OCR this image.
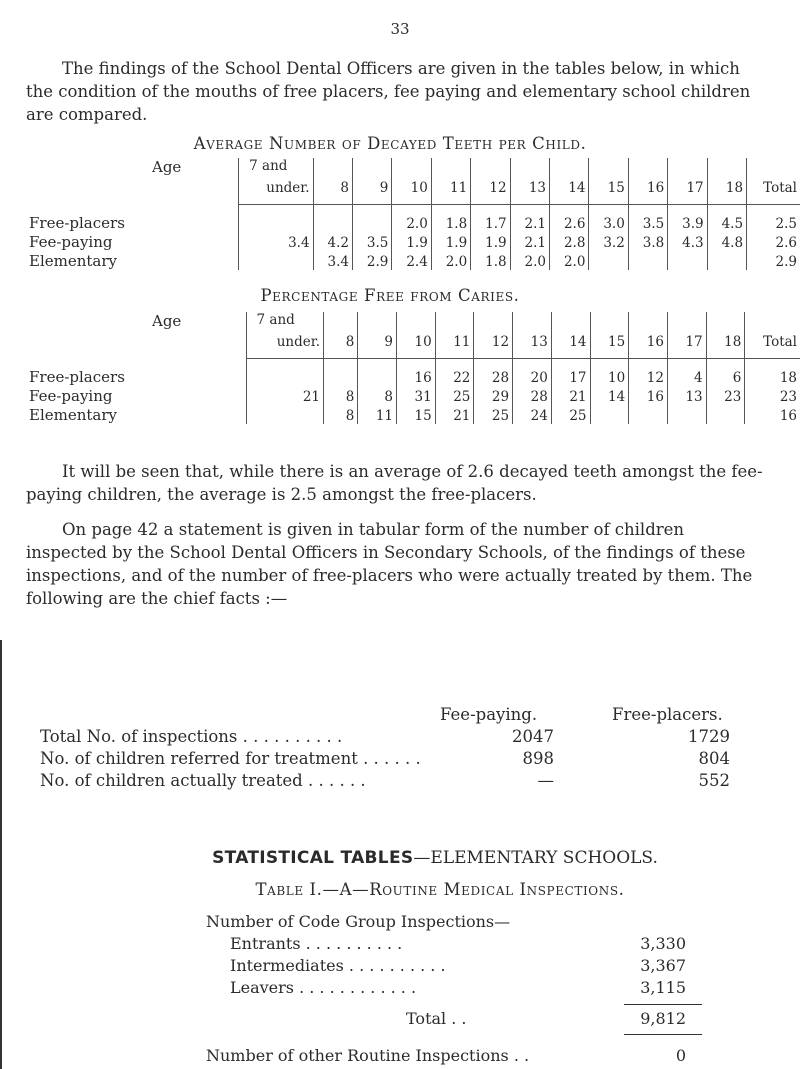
33
The findings of the School Dental Officers are given in the tables below, in which the condition of the mouths of free placers, fee paying and elementary school children are compared.
Average Number of Decayed Teeth per Child.
Age	7 and												
	under.	8	9	10	11	12	13	14	15	16	17	18	Total

Free-placers				2.0	1.8	1.7	2.1	2.6	3.0	3.5	3.9	4.5	2.5
Fee-paying	3.4	4.2	3.5	1.9	1.9	1.9	2.1	2.8	3.2	3.8	4.3	4.8	2.6
Elementary		3.4	2.9	2.4	2.0	1.8	2.0	2.0					2.9
Percentage Free from Caries.
Age	7 and												
	under.	8	9	10	11	12	13	14	15	16	17	18	Total

Free-placers				16	22	28	20	17	10	12	4	6	18
Fee-paying	21	8	8	31	25	29	28	21	14	16	13	23	23
Elementary		8	11	15	21	25	24	25					16
It will be seen that, while there is an average of 2.6 decayed teeth amongst the fee-paying children, the average is 2.5 amongst the free-placers.
On page 42 a statement is given in tabular form of the number of children inspected by the School Dental Officers in Secondary Schools, of the findings of these inspections, and of the number of free-placers who were actually treated by them. The following are the chief facts :—
Fee-paying.	Free-placers.
Total No. of inspections . . . . . . . . . .	2047	1729
No. of children referred for treatment . . . . . .	898	804
No. of children actually treated . . . . . .	—	552
STATISTICAL TABLES—ELEMENTARY SCHOOLS.
Table I.—A—Routine Medical Inspections.
Number of Code Group Inspections—
Entrants . . . . . . . . . .	3,330
Intermediates . . . . . . . . . .	3,367
Leavers . . . . . . . . . . . .	3,115
Total . .	9,812
Number of other Routine Inspections . .	0
